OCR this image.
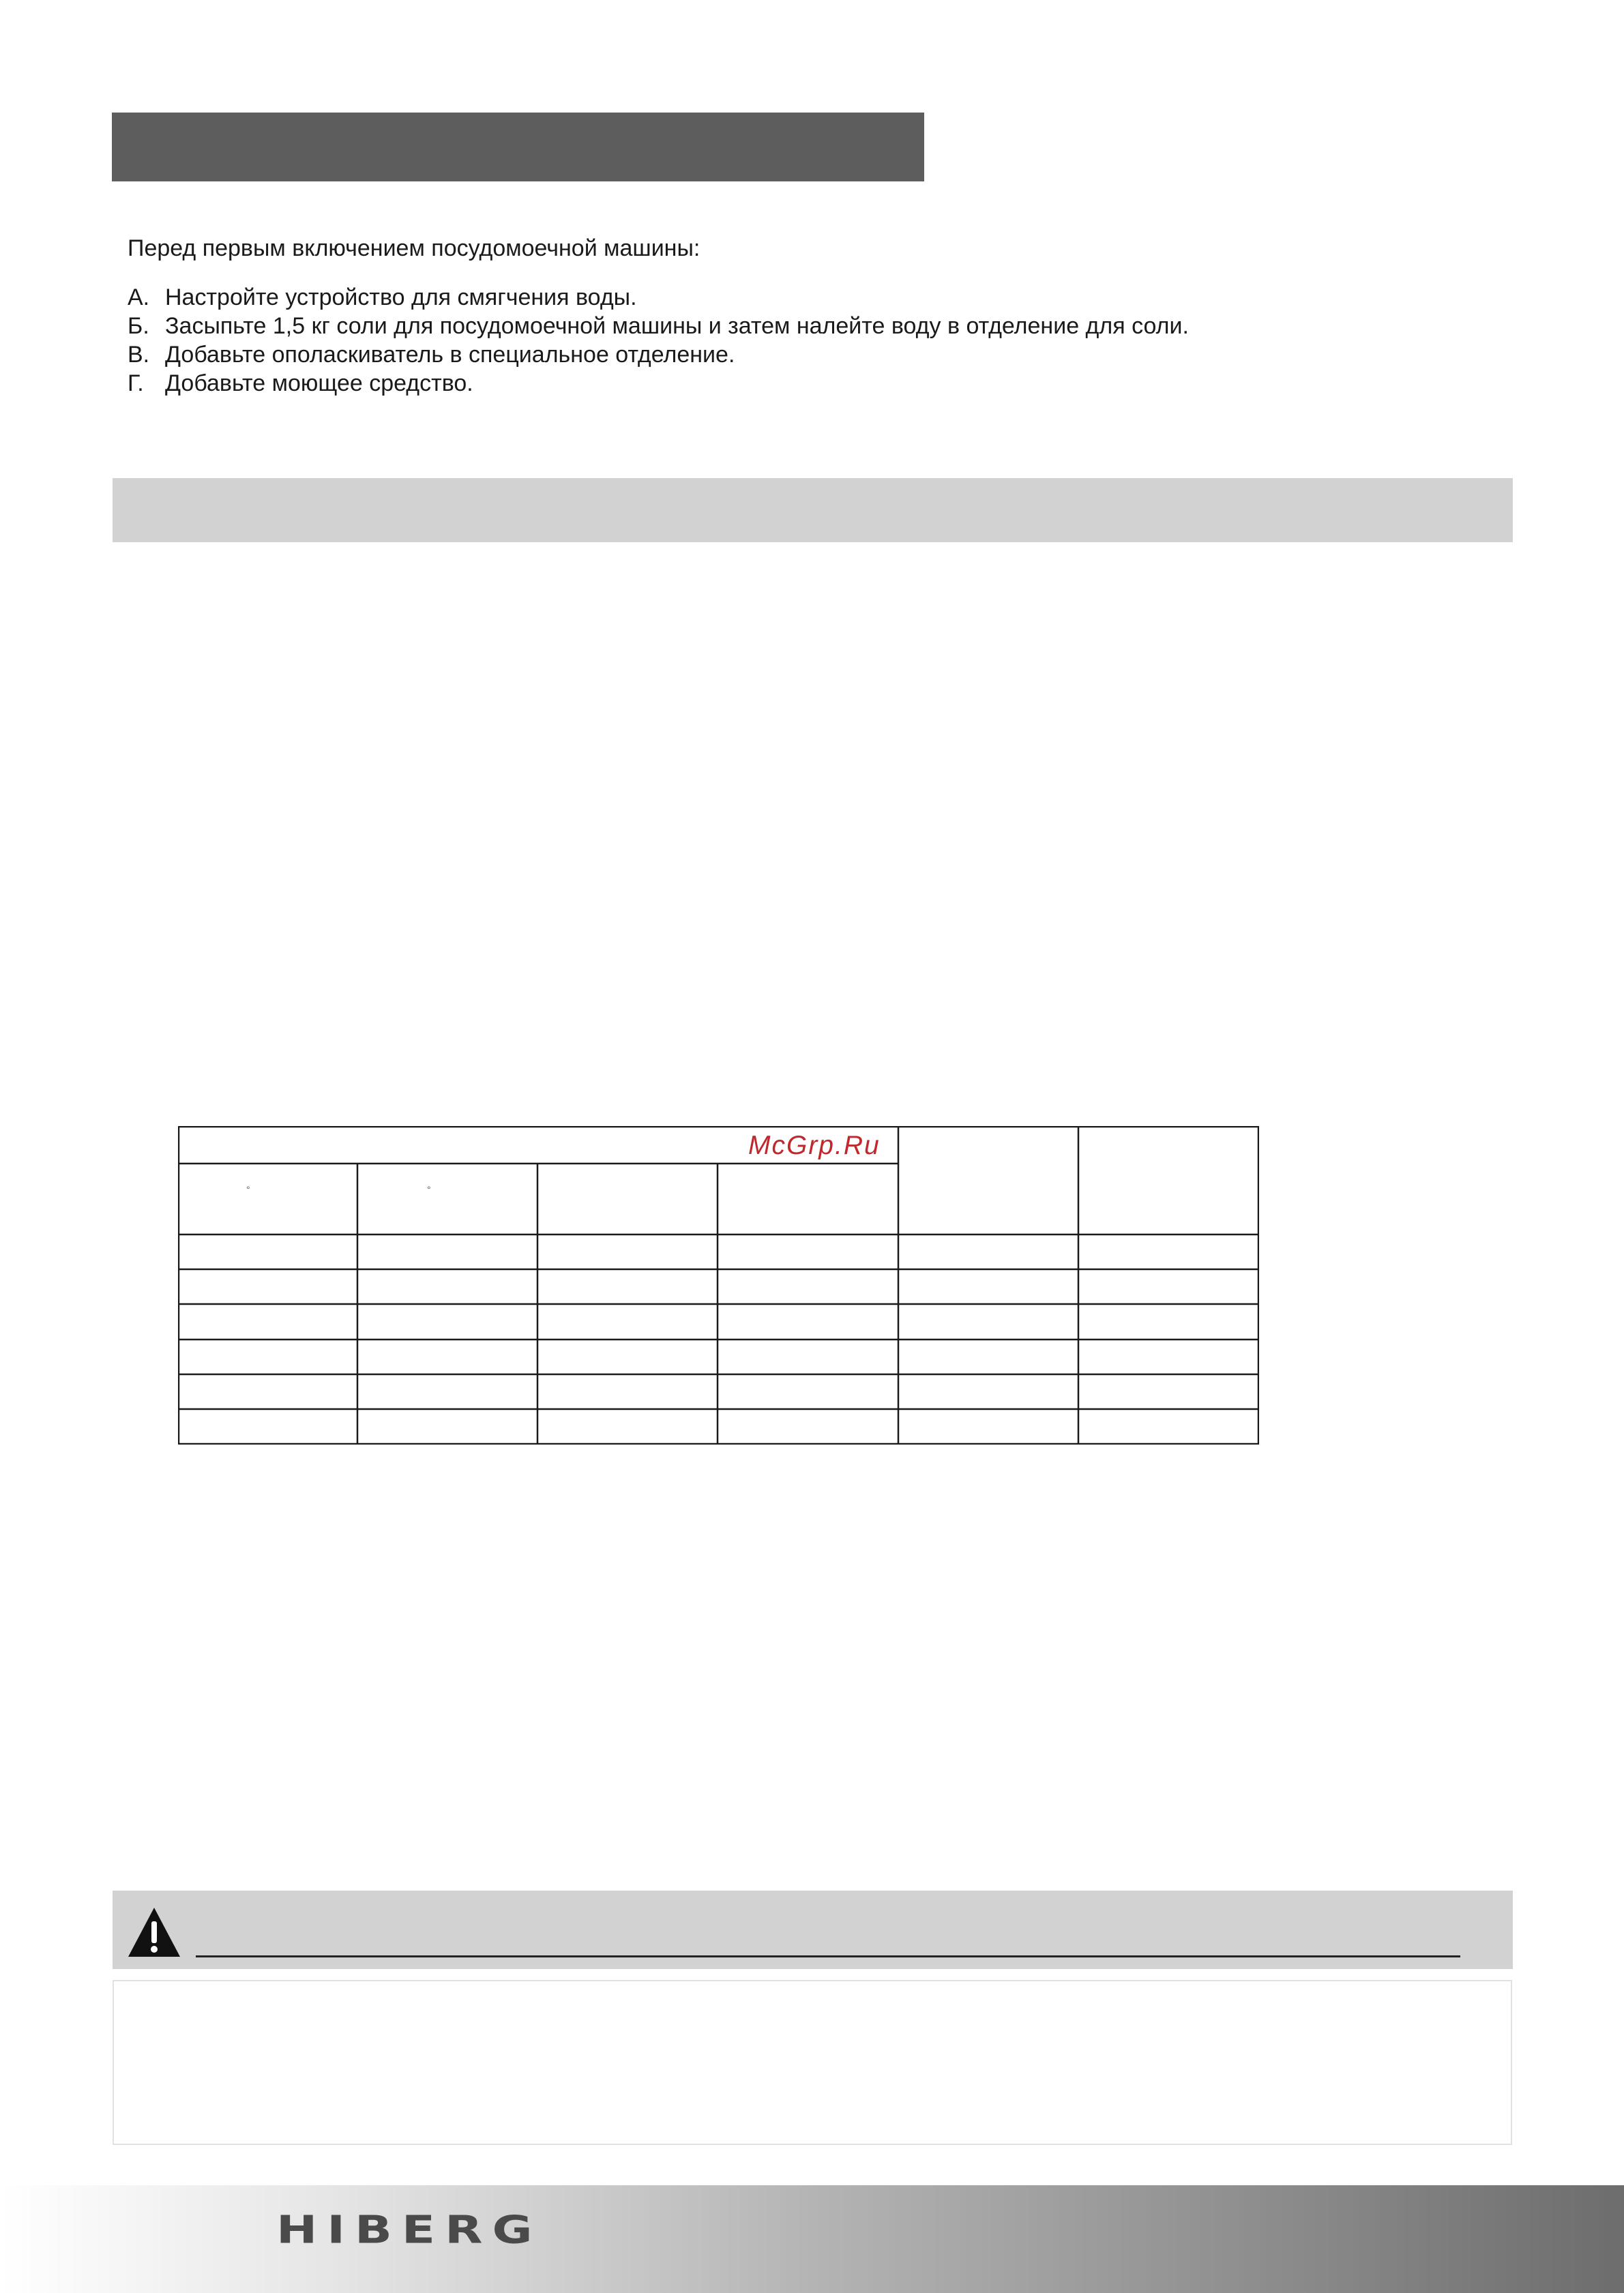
Перед первым включением посудомоечной машины:
А. Настройте устройство для смягчения воды.
Б. Засыпьте 1,5 кг соли для посудомоечной машины и затем налейте воду в отделение для соли.
В. Добавьте ополаскиватель в специальное отделение.
Г. Добавьте моющее средство.
McGrp.Ru
°	°
HIBERG
